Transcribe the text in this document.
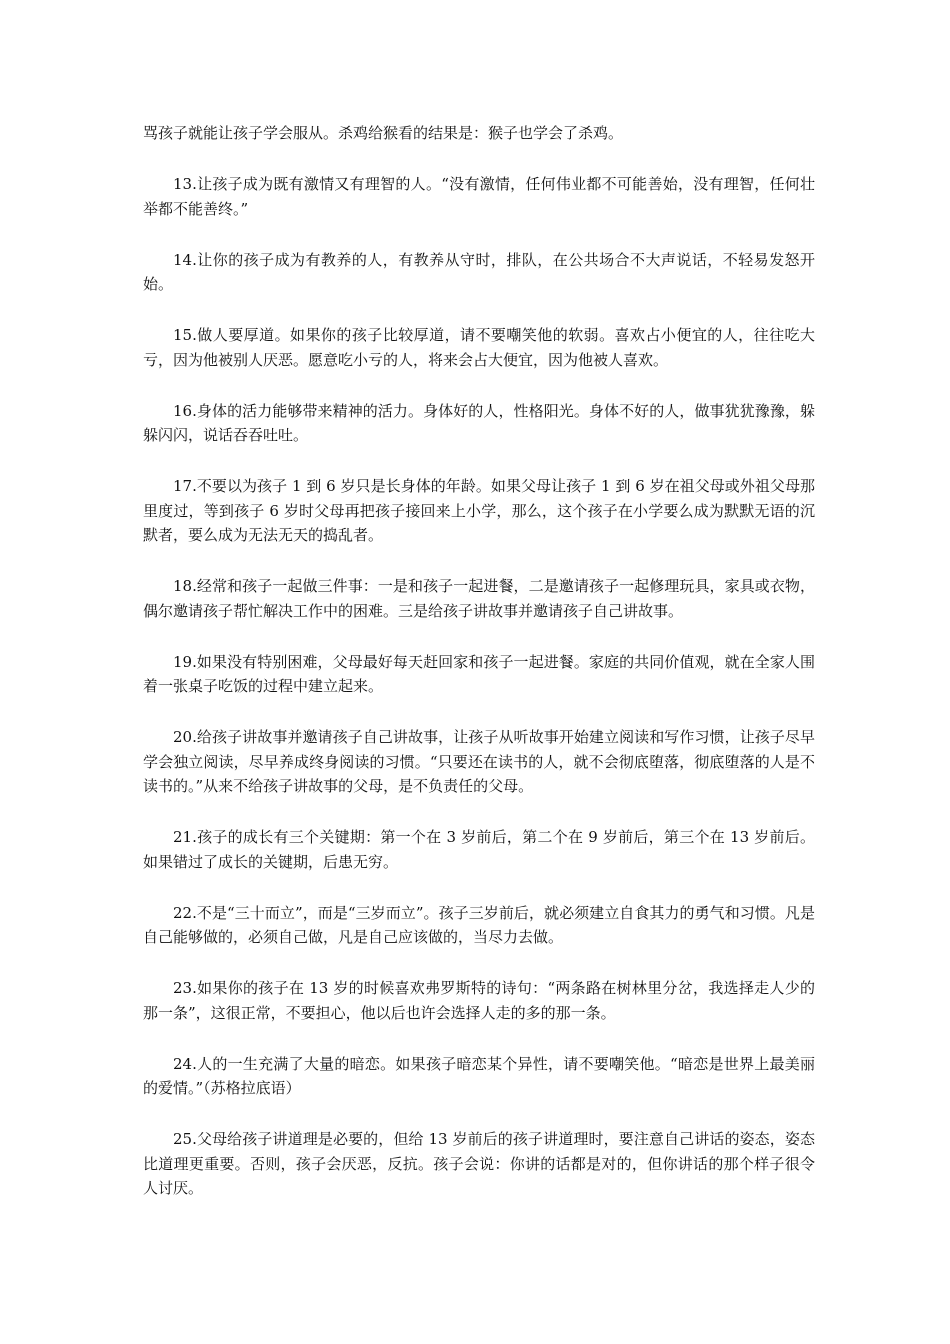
骂孩子就能让孩子学会服从。杀鸡给猴看的结果是：猴子也学会了杀鸡。

13.让孩子成为既有激情又有理智的人。“没有激情，任何伟业都不可能善始，没有理智，任何壮举都不能善终。”

14.让你的孩子成为有教养的人，有教养从守时，排队，在公共场合不大声说话，不轻易发怒开始。

15.做人要厚道。如果你的孩子比较厚道，请不要嘲笑他的软弱。喜欢占小便宜的人，往往吃大亏，因为他被别人厌恶。愿意吃小亏的人，将来会占大便宜，因为他被人喜欢。

16.身体的活力能够带来精神的活力。身体好的人，性格阳光。身体不好的人，做事犹犹豫豫，躲躲闪闪，说话吞吞吐吐。

17.不要以为孩子 1 到 6 岁只是长身体的年龄。如果父母让孩子 1 到 6 岁在祖父母或外祖父母那里度过，等到孩子 6 岁时父母再把孩子接回来上小学，那么，这个孩子在小学要么成为默默无语的沉默者，要么成为无法无天的捣乱者。

18.经常和孩子一起做三件事：一是和孩子一起进餐，二是邀请孩子一起修理玩具，家具或衣物，偶尔邀请孩子帮忙解决工作中的困难。三是给孩子讲故事并邀请孩子自己讲故事。

19.如果没有特别困难，父母最好每天赶回家和孩子一起进餐。家庭的共同价值观，就在全家人围着一张桌子吃饭的过程中建立起来。

20.给孩子讲故事并邀请孩子自己讲故事，让孩子从听故事开始建立阅读和写作习惯，让孩子尽早学会独立阅读，尽早养成终身阅读的习惯。“只要还在读书的人，就不会彻底堕落，彻底堕落的人是不读书的。”从来不给孩子讲故事的父母，是不负责任的父母。

21.孩子的成长有三个关键期：第一个在 3 岁前后，第二个在 9 岁前后，第三个在 13 岁前后。如果错过了成长的关键期，后患无穷。

22.不是“三十而立”，而是“三岁而立”。孩子三岁前后，就必须建立自食其力的勇气和习惯。凡是自己能够做的，必须自己做，凡是自己应该做的，当尽力去做。

23.如果你的孩子在 13 岁的时候喜欢弗罗斯特的诗句：“两条路在树林里分岔，我选择走人少的那一条”，这很正常，不要担心，他以后也许会选择人走的多的那一条。

24.人的一生充满了大量的暗恋。如果孩子暗恋某个异性，请不要嘲笑他。“暗恋是世界上最美丽的爱情。”（苏格拉底语）

25.父母给孩子讲道理是必要的，但给 13 岁前后的孩子讲道理时，要注意自己讲话的姿态，姿态比道理更重要。否则，孩子会厌恶，反抗。孩子会说：你讲的话都是对的，但你讲话的那个样子很令人讨厌。
